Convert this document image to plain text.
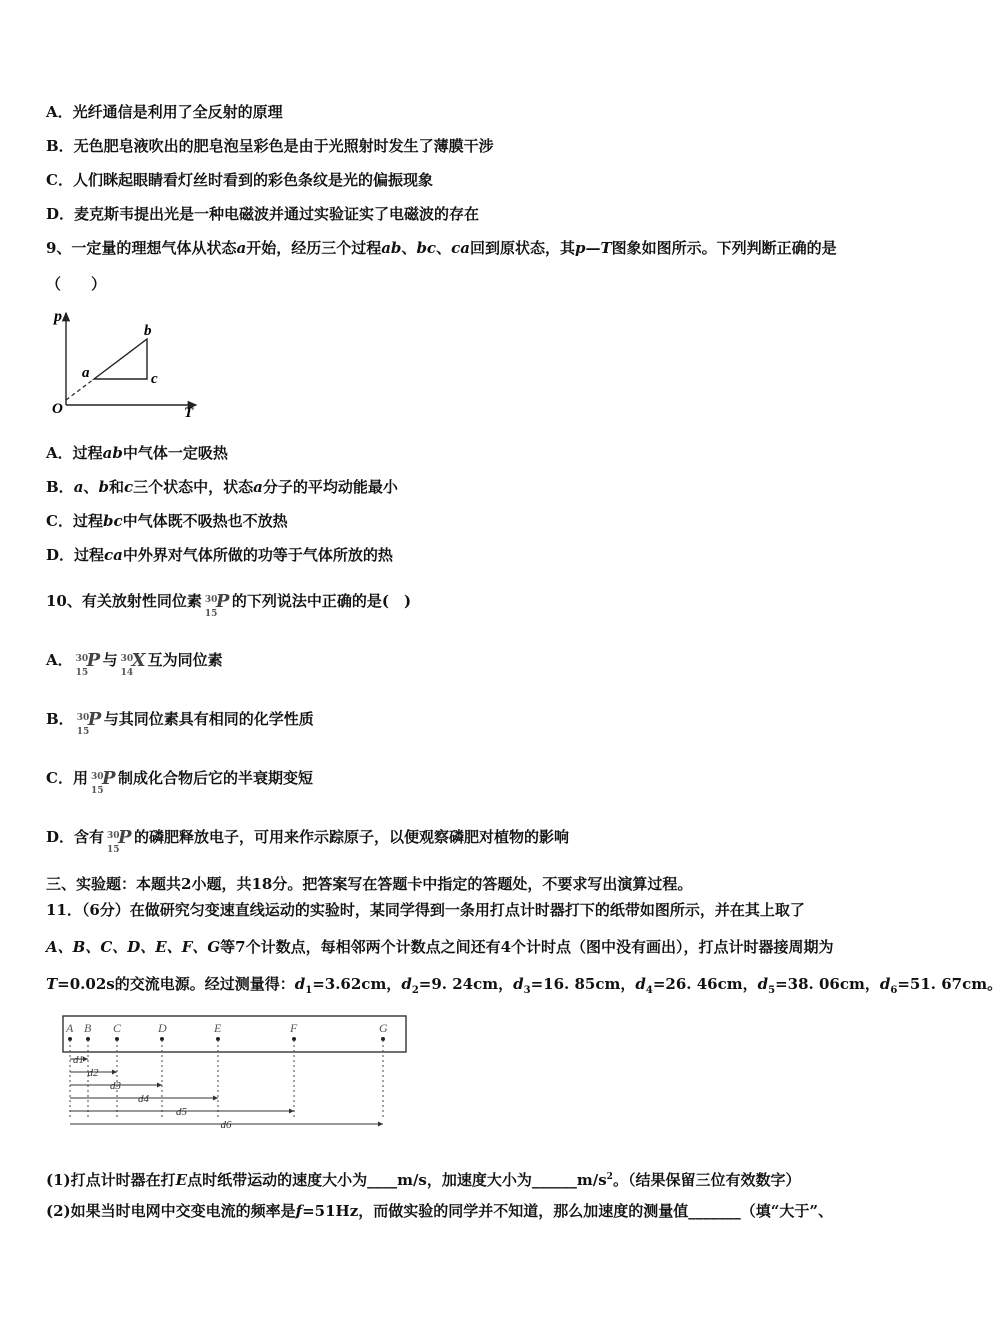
A．光纤通信是利用了全反射的原理
B．无色肥皂液吹出的肥皂泡呈彩色是由于光照射时发生了薄膜干涉
C．人们眯起眼睛看灯丝时看到的彩色条纹是光的偏振现象
D．麦克斯韦提出光是一种电磁波并通过实验证实了电磁波的存在
9、一定量的理想气体从状态a开始，经历三个过程ab、bc、ca回到原状态，其p—T图象如图所示。下列判断正确的是
（　　）
p
O	T
a
b
c
A．过程ab中气体一定吸热
B．a、b和c三个状态中，状态a分子的平均动能最小
C．过程bc中气体既不吸热也不放热
D．过程ca中外界对气体所做的功等于气体所放的热
10、有关放射性同位素 30
15
P 的下列说法中正确的是(　)
A． 30
15
P 与 30
14
X 互为同位素
B． 30
15
P 与其同位素具有相同的化学性质
C．用 30
15
P 制成化合物后它的半衰期变短
D．含有 30
15
P 的磷肥释放电子，可用来作示踪原子，以便观察磷肥对植物的影响
三、实验题：本题共2小题，共18分。把答案写在答题卡中指定的答题处，不要求写出演算过程。
11．（6分）在做研究匀变速直线运动的实验时，某同学得到一条用打点计时器打下的纸带如图所示，并在其上取了
A、B、C、D、E、F、G等7个计数点，每相邻两个计数点之间还有4个计时点（图中没有画出），打点计时器接周期为
T=0.02s的交流电源。经过测量得：$d_1=3.62cm$，$d_2=9$. 24cm，$d_3=16$. 85cm，$d_4=26$. 46cm，$d_5=38$. 06cm，$d_6=51$. 67cm。
A B C	D	E	F	G
d1
d2
d3
d4
d5
d6
(1)打点计时器在打E点时纸带运动的速度大小为____m/s，加速度大小为$\_\_\_\_\_\_m/s^2$。（结果保留三位有效数字）
(2)如果当时电网中交变电流的频率是f=51Hz，而做实验的同学并不知道，那么加速度的测量值_______（填“大于”、
